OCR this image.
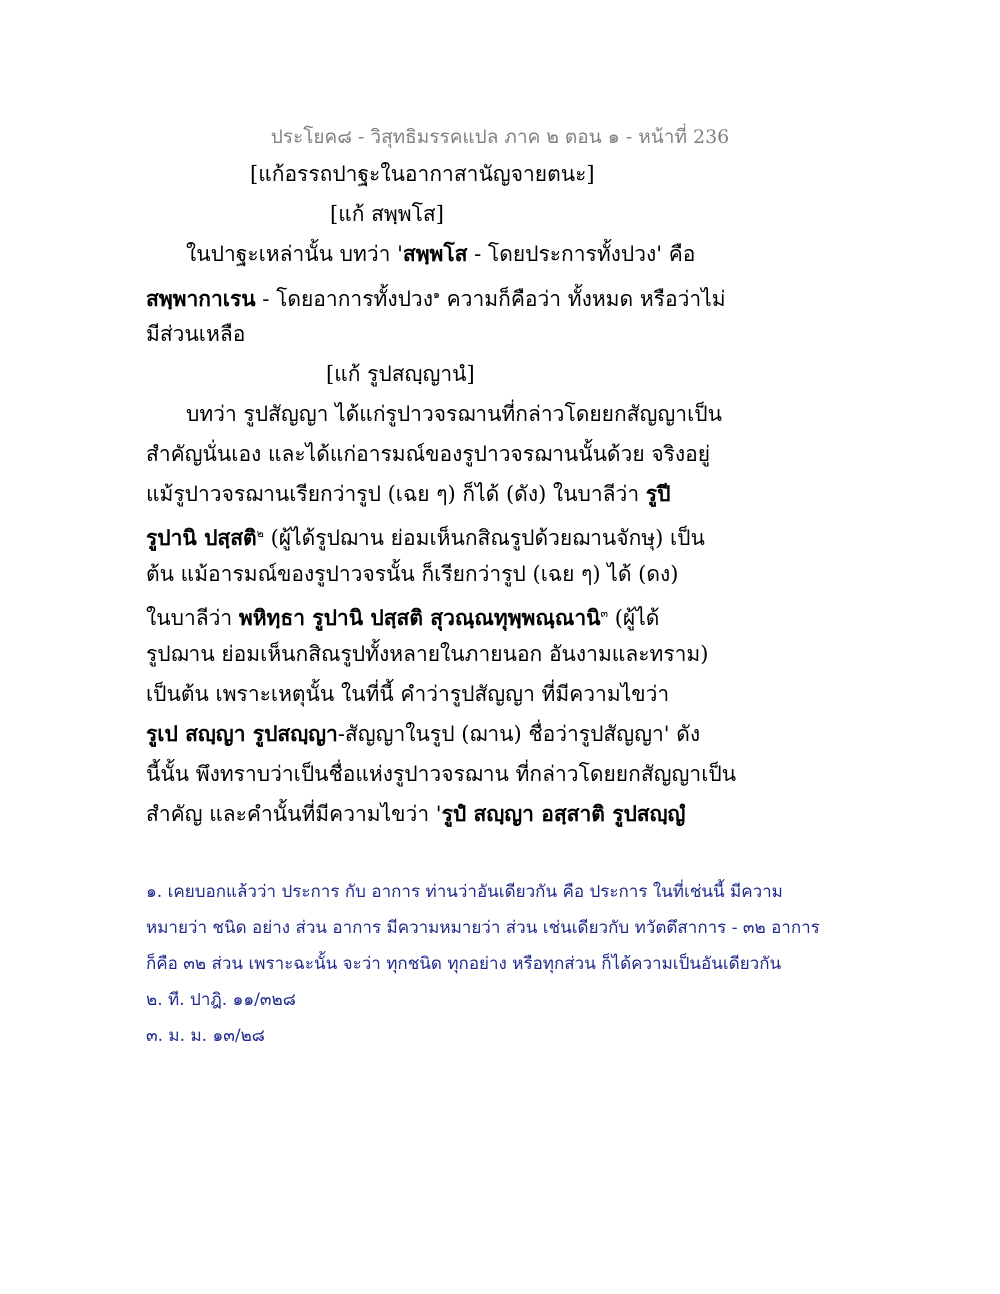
ประโยค๘ - วิสุทธิมรรคแปล ภาค ๒ ตอน ๑ - หน้าที่ 236
[แก้อรรถปาฐะในอากาสานัญจายตนะ]
[แก้ สพฺพโส]
ในปาฐะเหล่านั้น บทว่า 'สพฺพโส - โดยประการทั้งปวง' คือ
สพฺพากาเรน - โดยอาการทั้งปวง$^๑$ ความก็คือว่า ทั้งหมด หรือว่าไม่
มีส่วนเหลือ
[แก้ รูปสญฺญานํ]
บทว่า รูปสัญญา ได้แก่รูปาวจรฌานที่กล่าวโดยยกสัญญาเป็น
สำคัญนั่นเอง และได้แก่อารมณ์ของรูปาวจรฌานนั้นด้วย จริงอยู่
แม้รูปาวจรฌานเรียกว่ารูป (เฉย ๆ) ก็ได้ (ดัง) ในบาลีว่า รูปี
รูปานิ ปสฺสติ$^๒$ (ผู้ได้รูปฌาน ย่อมเห็นกสิณรูปด้วยฌานจักษุ) เป็น
ต้น แม้อารมณ์ของรูปาวจรนั้น ก็เรียกว่ารูป (เฉย ๆ) ได้ (ดง)
ในบาลีว่า พหิทฺธา รูปานิ ปสฺสติ สุวณฺณทุพฺพณฺณานิ$^๓$ (ผู้ได้
รูปฌาน ย่อมเห็นกสิณรูปทั้งหลายในภายนอก อันงามและทราม)
เป็นต้น เพราะเหตุนั้น ในที่นี้ คำว่ารูปสัญญา ที่มีความไขว่า
รูเป สญฺญา รูปสญฺญา-สัญญาในรูป (ฌาน) ชื่อว่ารูปสัญญา' ดัง
นี้นั้น พึงทราบว่าเป็นชื่อแห่งรูปาวจรฌาน ที่กล่าวโดยยกสัญญาเป็น
สำคัญ และคำนั้นที่มีความไขว่า 'รูปํ สญฺญา อสฺสาติ รูปสญฺญํ
๑. เคยบอกแล้วว่า ประการ กับ อาการ ท่านว่าอันเดียวกัน คือ ประการ ในที่เช่นนี้ มีความ
หมายว่า ชนิด อย่าง ส่วน อาการ มีความหมายว่า ส่วน เช่นเดียวกับ ทวัตตึสาการ - ๓๒ อาการ
ก็คือ ๓๒ ส่วน เพราะฉะนั้น จะว่า ทุกชนิด ทุกอย่าง หรือทุกส่วน ก็ได้ความเป็นอันเดียวกัน
๒. ที. ปาฎิ. ๑๑/๓๒๘
๓. ม. ม. ๑๓/๒๘
